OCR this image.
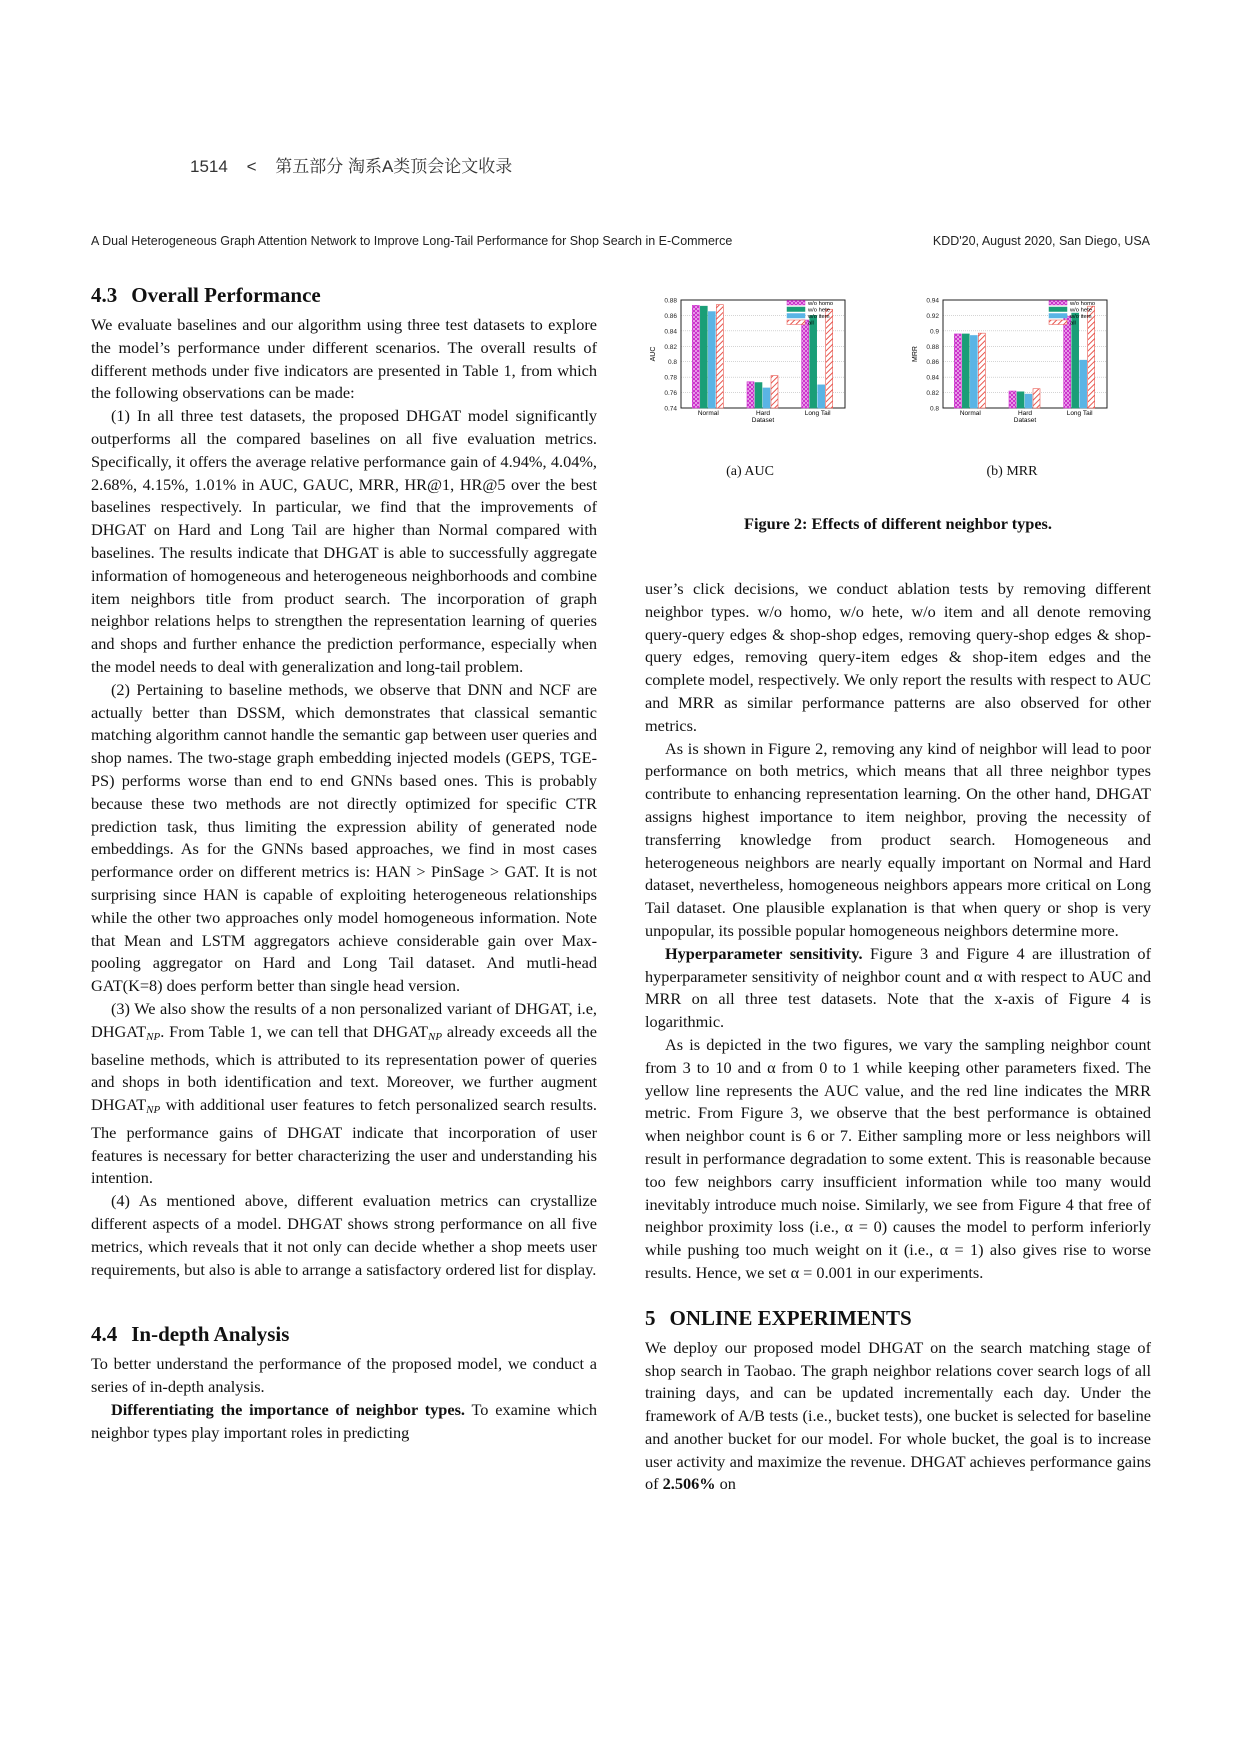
1514 < 第五部分 淘系A类顶会论文收录
A Dual Heterogeneous Graph Attention Network to Improve Long-Tail Performance for Shop Search in E-Commerce	KDD'20, August 2020, San Diego, USA
4.3 Overall Performance

We evaluate baselines and our algorithm using three test datasets to explore the model’s performance under different scenarios. The overall results of different methods under five indicators are presented in Table 1, from which the following observations can be made:

(1) In all three test datasets, the proposed DHGAT model significantly outperforms all the compared baselines on all five evaluation metrics. Specifically, it offers the average relative performance gain of 4.94%, 4.04%, 2.68%, 4.15%, 1.01% in AUC, GAUC, MRR, HR@1, HR@5 over the best baselines respectively. In particular, we find that the improvements of DHGAT on Hard and Long Tail are higher than Normal compared with baselines. The results indicate that DHGAT is able to successfully aggregate information of homogeneous and heterogeneous neighborhoods and combine item neighbors title from product search. The incorporation of graph neighbor relations helps to strengthen the representation learning of queries and shops and further enhance the prediction performance, especially when the model needs to deal with generalization and long-tail problem.

(2) Pertaining to baseline methods, we observe that DNN and NCF are actually better than DSSM, which demonstrates that classical semantic matching algorithm cannot handle the semantic gap between user queries and shop names. The two-stage graph embedding injected models (GEPS, TGE-PS) performs worse than end to end GNNs based ones. This is probably because these two methods are not directly optimized for specific CTR prediction task, thus limiting the expression ability of generated node embeddings. As for the GNNs based approaches, we find in most cases performance order on different metrics is: HAN > PinSage > GAT. It is not surprising since HAN is capable of exploiting heterogeneous relationships while the other two approaches only model homogeneous information. Note that Mean and LSTM aggregators achieve considerable gain over Max-pooling aggregator on Hard and Long Tail dataset. And mutli-head GAT(K=8) does perform better than single head version.

(3) We also show the results of a non personalized variant of DHGAT, i.e, $DHGAT_{NP}$. From Table 1, we can tell that $DHGAT_{NP}$ already exceeds all the baseline methods, which is attributed to its representation power of queries and shops in both identification and text. Moreover, we further augment $DHGAT_{NP}$ with additional user features to fetch personalized search results. The performance gains of DHGAT indicate that incorporation of user features is necessary for better characterizing the user and understanding his intention.

(4) As mentioned above, different evaluation metrics can crystallize different aspects of a model. DHGAT shows strong performance on all five metrics, which reveals that it not only can decide whether a shop meets user requirements, but also is able to arrange a satisfactory ordered list for display.

4.4 In-depth Analysis

To better understand the performance of the proposed model, we conduct a series of in-depth analysis.

Differentiating the importance of neighbor types. To examine which neighbor types play important roles in predicting

0.74
0.76
0.78
0.8
0.82
0.84
0.86
0.88
AUC
Normal	Hard	Long Tail
Dataset
w/o homo
w/o hete
w/o item
all
0.8
0.82
0.84
0.86
0.88
0.9
0.92
0.94
MRR
Normal	Hard	Long Tail
Dataset
w/o homo
w/o hete
w/o item
all
(a) AUC	(b) MRR
Figure 2: Effects of different neighbor types.

user’s click decisions, we conduct ablation tests by removing different neighbor types. w/o homo, w/o hete, w/o item and all denote removing query-query edges & shop-shop edges, removing query-shop edges & shop-query edges, removing query-item edges & shop-item edges and the complete model, respectively. We only report the results with respect to AUC and MRR as similar performance patterns are also observed for other metrics.

As is shown in Figure 2, removing any kind of neighbor will lead to poor performance on both metrics, which means that all three neighbor types contribute to enhancing representation learning. On the other hand, DHGAT assigns highest importance to item neighbor, proving the necessity of transferring knowledge from product search. Homogeneous and heterogeneous neighbors are nearly equally important on Normal and Hard dataset, nevertheless, homogeneous neighbors appears more critical on Long Tail dataset. One plausible explanation is that when query or shop is very unpopular, its possible popular homogeneous neighbors determine more.

Hyperparameter sensitivity. Figure 3 and Figure 4 are illustration of hyperparameter sensitivity of neighbor count and α with respect to AUC and MRR on all three test datasets. Note that the x-axis of Figure 4 is logarithmic.

As is depicted in the two figures, we vary the sampling neighbor count from 3 to 10 and α from 0 to 1 while keeping other parameters fixed. The yellow line represents the AUC value, and the red line indicates the MRR metric. From Figure 3, we observe that the best performance is obtained when neighbor count is 6 or 7. Either sampling more or less neighbors will result in performance degradation to some extent. This is reasonable because too few neighbors carry insufficient information while too many would inevitably introduce much noise. Similarly, we see from Figure 4 that free of neighbor proximity loss (i.e., α = 0) causes the model to perform inferiorly while pushing too much weight on it (i.e., α = 1) also gives rise to worse results. Hence, we set α = 0.001 in our experiments.

5 ONLINE EXPERIMENTS

We deploy our proposed model DHGAT on the search matching stage of shop search in Taobao. The graph neighbor relations cover search logs of all training days, and can be updated incrementally each day. Under the framework of A/B tests (i.e., bucket tests), one bucket is selected for baseline and another bucket for our model. For whole bucket, the goal is to increase user activity and maximize the revenue. DHGAT achieves performance gains of 2.506% on
